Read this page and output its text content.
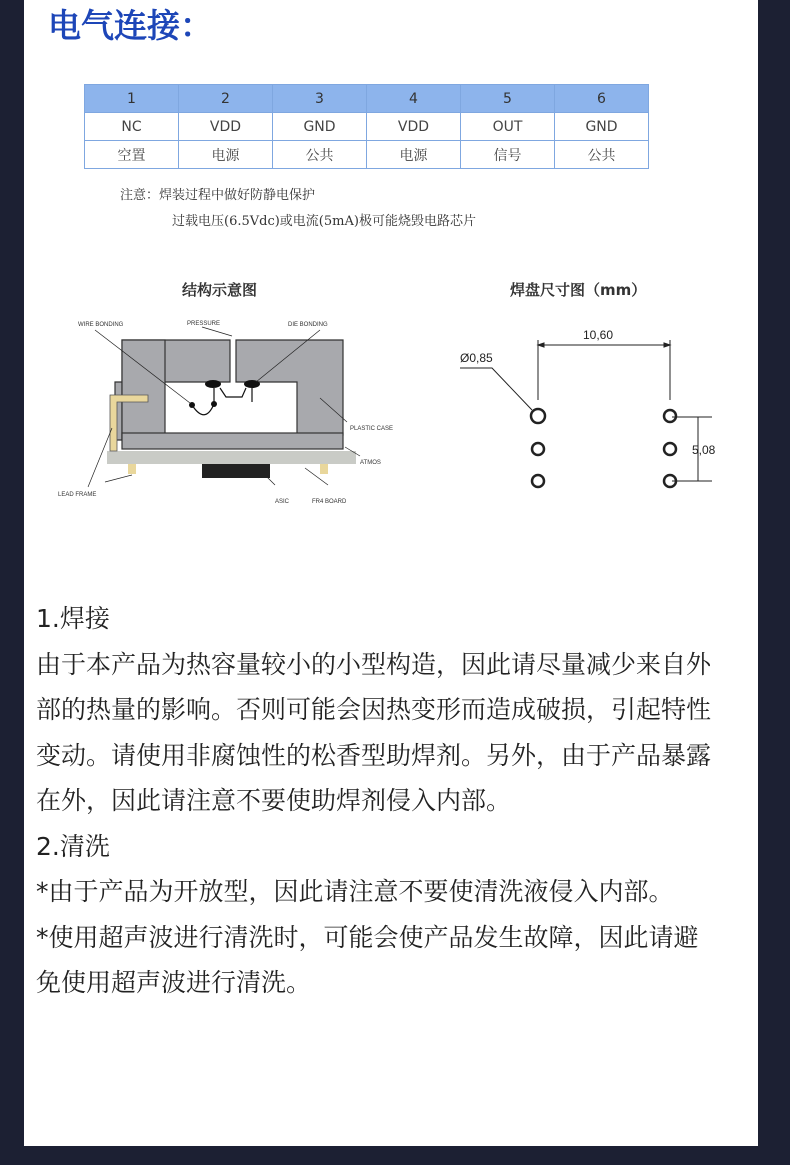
电气连接：
1	2	3	4	5	6
NC	VDD	GND	VDD	OUT	GND
空置	电源	公共	电源	信号	公共
注意：焊装过程中做好防静电保护
过载电压(6.5Vdc)或电流(5mA)极可能烧毁电路芯片
结构示意图	焊盘尺寸图（mm）
WIRE BONDING	PRESSURE	DIE BONDING
PLASTIC CASE
ATMOS
LEAD FRAME
ASIC	FR4 BOARD
10,60
Ø0,85
5,08

1.焊接

由于本产品为热容量较小的小型构造，因此请尽量减少来自外部的热量的影响。否则可能会因热变形而造成破损，引起特性变动。请使用非腐蚀性的松香型助焊剂。另外，由于产品暴露在外，因此请注意不要使助焊剂侵入内部。

2.清洗

*由于产品为开放型，因此请注意不要使清洗液侵入内部。

*使用超声波进行清洗时，可能会使产品发生故障，因此请避免使用超声波进行清洗。
